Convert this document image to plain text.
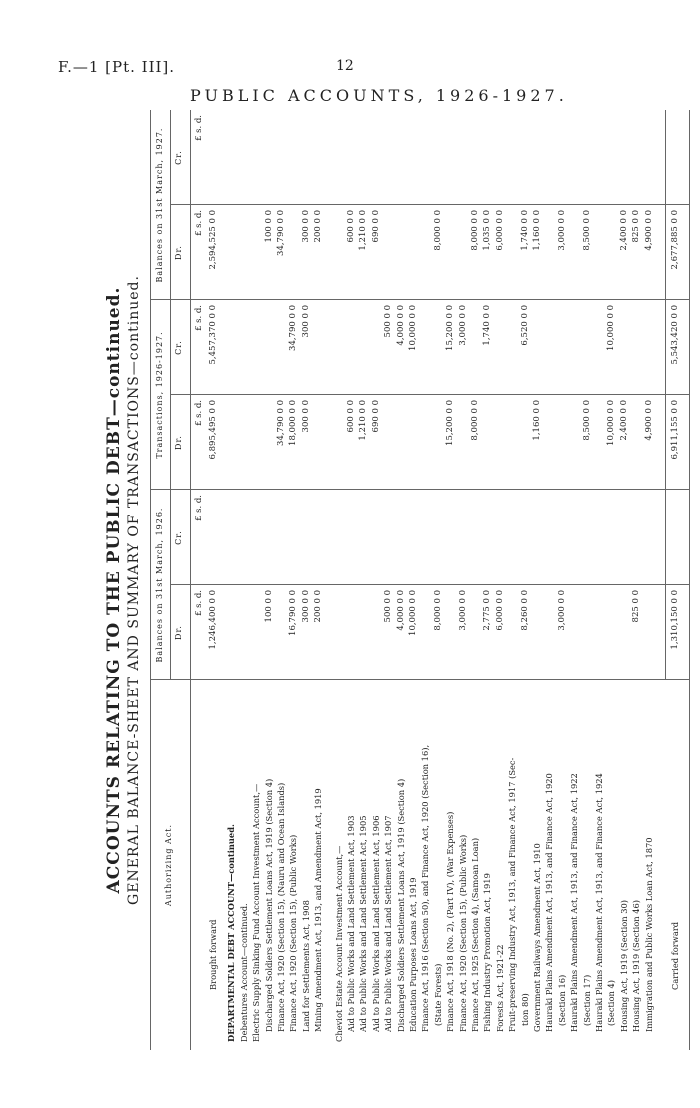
F.—1 [Pt. III].	12
PUBLIC ACCOUNTS, 1926-1927.
ACCOUNTS RELATING TO THE PUBLIC DEBT—continued. GENERAL BALANCE-SHEET AND SUMMARY OF TRANSACTIONS—continued.	Authorizing Act.
Balances on 31st March, 1926.
Transactions, 1926-1927.
Balances on 31st March, 1927.
Dr.
Cr.
Dr.
Cr.
Dr.
Cr.
£ s. d.
£ s. d.
£ s. d.
£ s. d.
£ s. d.
£ s. d.
Brought forward
1,246,400 0 0
6,895,495 0 0
5,457,370 0 0
2,594,525 0 0
DEPARTMENTAL DEBT ACCOUNT—continued. Debentures Account—continued. Electric Supply Sinking Fund Account Investment Account,— Discharged Soldiers Settlement Loans Act, 1919 (Section 4)
100 0 0
100 0 0
Finance Act, 1920 (Section 15), (Nauru and Ocean Islands)
34,790 0 0
34,790 0 0
Finance Act, 1920 (Section 15), (Public Works)
16,790 0 0
18,000 0 0
34,790 0 0
Land for Settlements Act, 1908
300 0 0
300 0 0
300 0 0
300 0 0
Mining Amendment Act, 1913, and Amendment Act, 1919
200 0 0
200 0 0
Cheviot Estate Account Investment Account,— Aid to Public Works and Land Settlement Act, 1903
600 0 0
600 0 0
Aid to Public Works and Land Settlement Act, 1905
1,210 0 0
1,210 0 0
Aid to Public Works and Land Settlement Act, 1906
690 0 0
690 0 0
Aid to Public Works and Land Settlement Act, 1907
500 0 0
500 0 0
Discharged Soldiers Settlement Loans Act, 1919 (Section 4)
4,000 0 0
4,000 0 0
Education Purposes Loans Act, 1919
10,000 0 0
10,000 0 0
Finance Act, 1916 (Section 50), and Finance Act, 1920 (Section 16), (State Forests)
8,000 0 0
8,000 0 0
Finance Act, 1918 (No. 2), (Part IV), (War Expenses)
15,200 0 0
15,200 0 0
Finance Act, 1920 (Section 15), (Public Works)
3,000 0 0
3,000 0 0
Finance Act, 1925 (Section 4), (Samoan Loan)
8,000 0 0
8,000 0 0
Fishing Industry Promotion Act, 1919
2,775 0 0
1,740 0 0
1,035 0 0
Forests Act, 1921-22
6,000 0 0
6,000 0 0
Fruit-preserving Industry Act, 1913, and Finance Act, 1917 (Sec- tion 80)
8,260 0 0
6,520 0 0
1,740 0 0
Government Railways Amendment Act, 1910
1,160 0 0
1,160 0 0
Hauraki Plains Amendment Act, 1913, and Finance Act, 1920 (Section 16)
3,000 0 0
3,000 0 0
Hauraki Plains Amendment Act, 1913, and Finance Act, 1922 (Section 17)
8,500 0 0
8,500 0 0
Hauraki Plains Amendment Act, 1913, and Finance Act, 1924 (Section 4)
10,000 0 0
10,000 0 0
Housing Act, 1919 (Section 30)
2,400 0 0
2,400 0 0
Housing Act, 1919 (Section 46)
825 0 0
825 0 0
Immigration and Public Works Loan Act, 1870
4,900 0 0
4,900 0 0
Carried forward
1,310,150 0 0
6,911,155 0 0
5,543,420 0 0
2,677,885 0 0
